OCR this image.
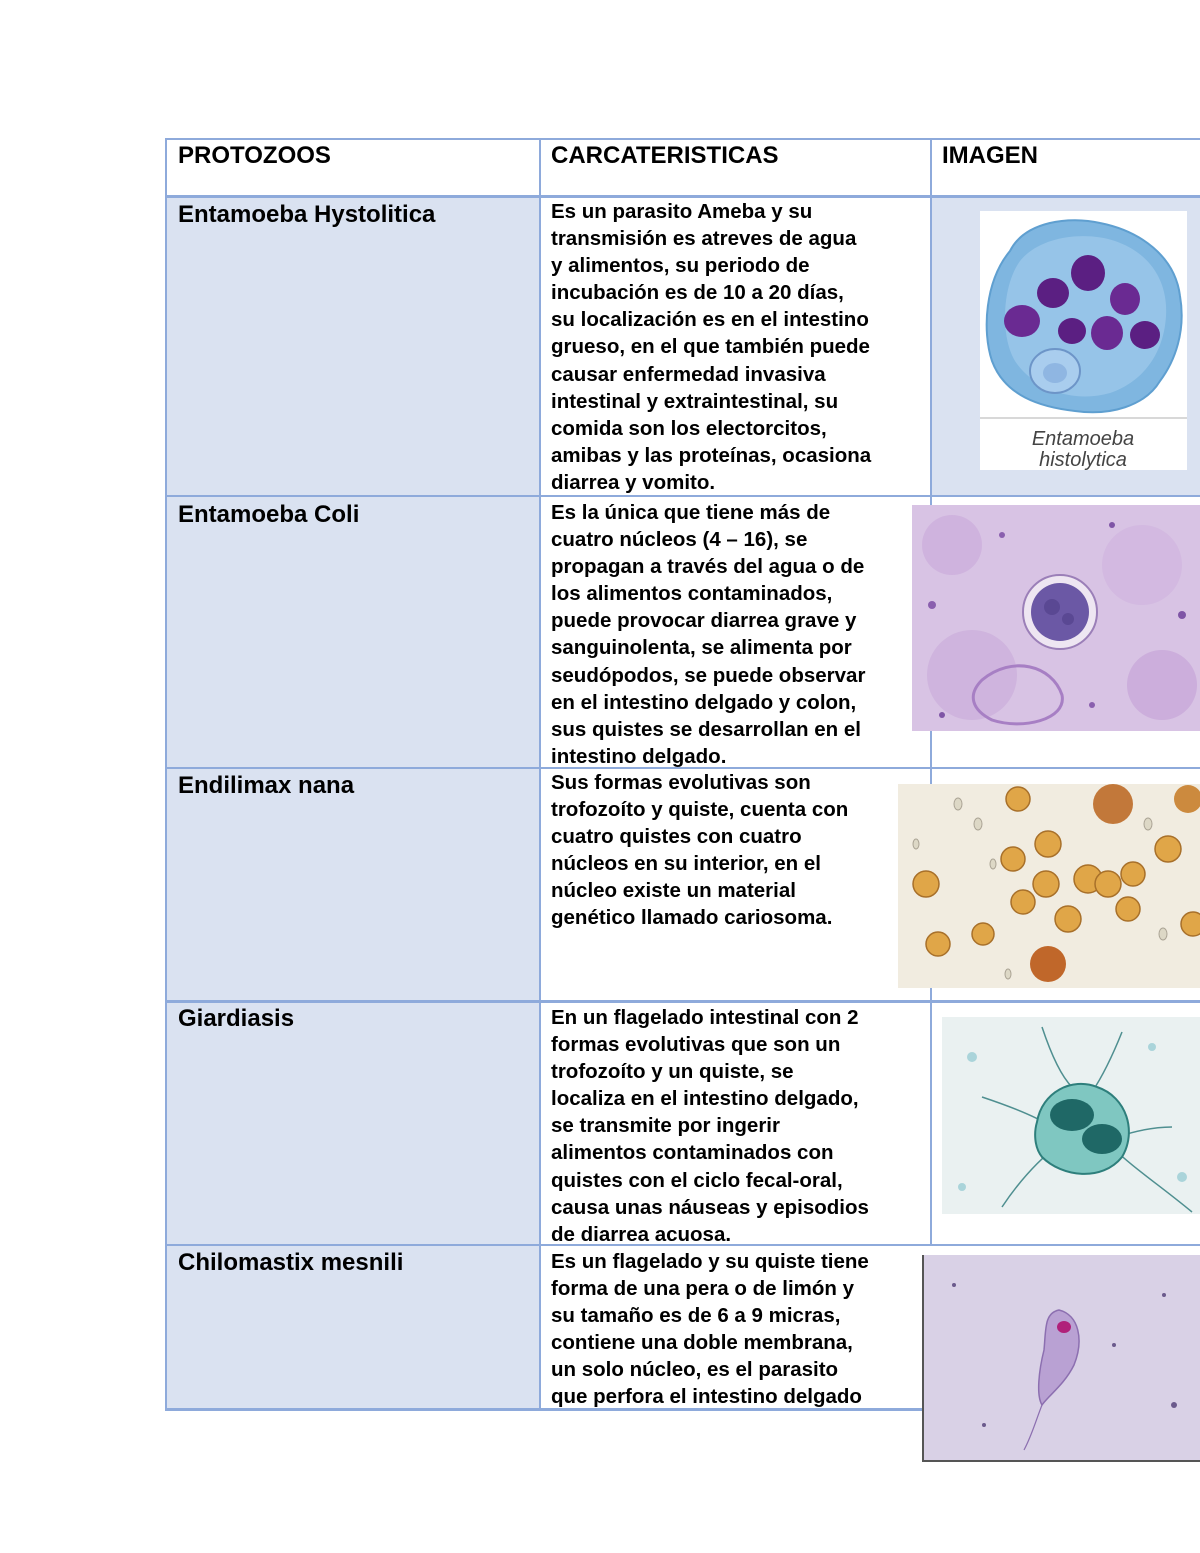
PROTOZOOS	CARCATERISTICAS	IMAGEN
Entamoeba Hystolitica	Es un parasito Ameba y su
transmisión es atreves de agua
y alimentos, su periodo de
incubación es de 10 a 20 días,
su localización es en el intestino
grueso, en el que también puede
causar enfermedad invasiva
intestinal y extraintestinal, su
comida son los electorcitos,
amibas y las proteínas, ocasiona
diarrea y vomito.
Entamoeba
histolytica
Entamoeba Coli	Es la única que tiene más de
cuatro núcleos (4 – 16), se
propagan a través del agua o de
los alimentos contaminados,
puede provocar diarrea grave y
sanguinolenta, se alimenta por
seudópodos, se puede observar
en el intestino delgado y colon,
sus quistes se desarrollan en el
intestino delgado.
Endilimax nana	Sus formas evolutivas son
trofozoíto y quiste, cuenta con
cuatro quistes con cuatro
núcleos en su interior, en el
núcleo existe un material
genético llamado cariosoma.
Giardiasis	En un flagelado intestinal con 2
formas evolutivas que son un
trofozoíto y un quiste, se
localiza en el intestino delgado,
se transmite por ingerir
alimentos contaminados con
quistes con el ciclo fecal-oral,
causa unas náuseas y episodios
de diarrea acuosa.
Chilomastix mesnili	Es un flagelado y su quiste tiene
forma de una pera o de limón y
su tamaño es de 6 a 9 micras,
contiene una doble membrana,
un solo núcleo, es el parasito
que perfora el intestino delgado
